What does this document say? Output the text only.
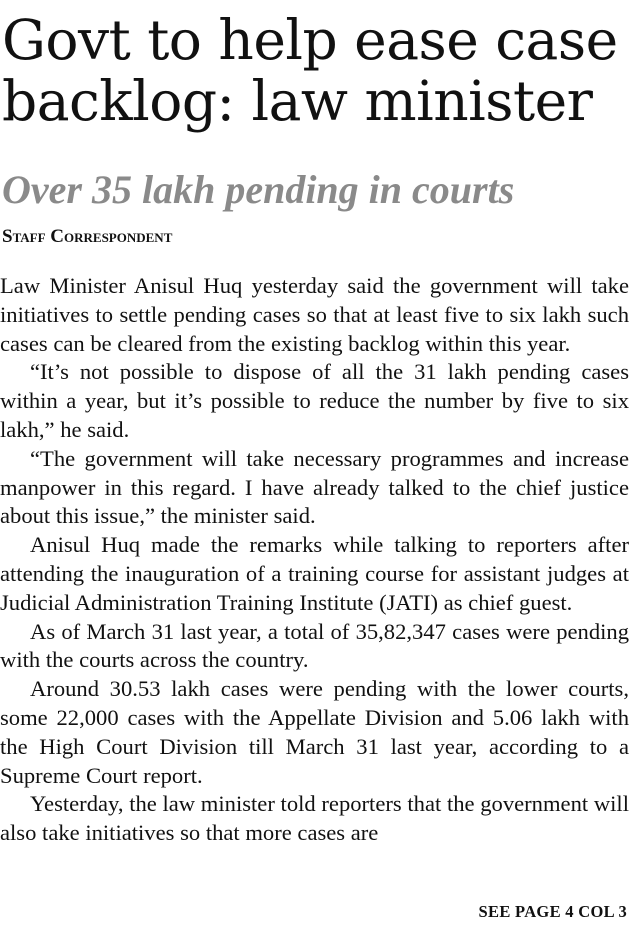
Govt to help ease case
backlog: law minister
Over 35 lakh pending in courts
Staff Correspondent

Law Minister Anisul Huq yesterday said the government will take initiatives to settle pending cases so that at least five to six lakh such cases can be cleared from the existing backlog within this year.

“It’s not possible to dispose of all the 31 lakh pending cases within a year, but it’s possible to reduce the number by five to six lakh,” he said.

“The government will take necessary programmes and increase manpower in this regard. I have already talked to the chief justice about this issue,” the minister said.

Anisul Huq made the remarks while talking to reporters after attending the inauguration of a training course for assistant judges at Judicial Administration Training Institute (JATI) as chief guest.

As of March 31 last year, a total of 35,82,347 cases were pending with the courts across the country.

Around 30.53 lakh cases were pending with the lower courts, some 22,000 cases with the Appellate Division and 5.06 lakh with the High Court Division till March 31 last year, according to a Supreme Court report.

Yesterday, the law minister told reporters that the government will also take initiatives so that more cases are

SEE PAGE 4 COL 3
